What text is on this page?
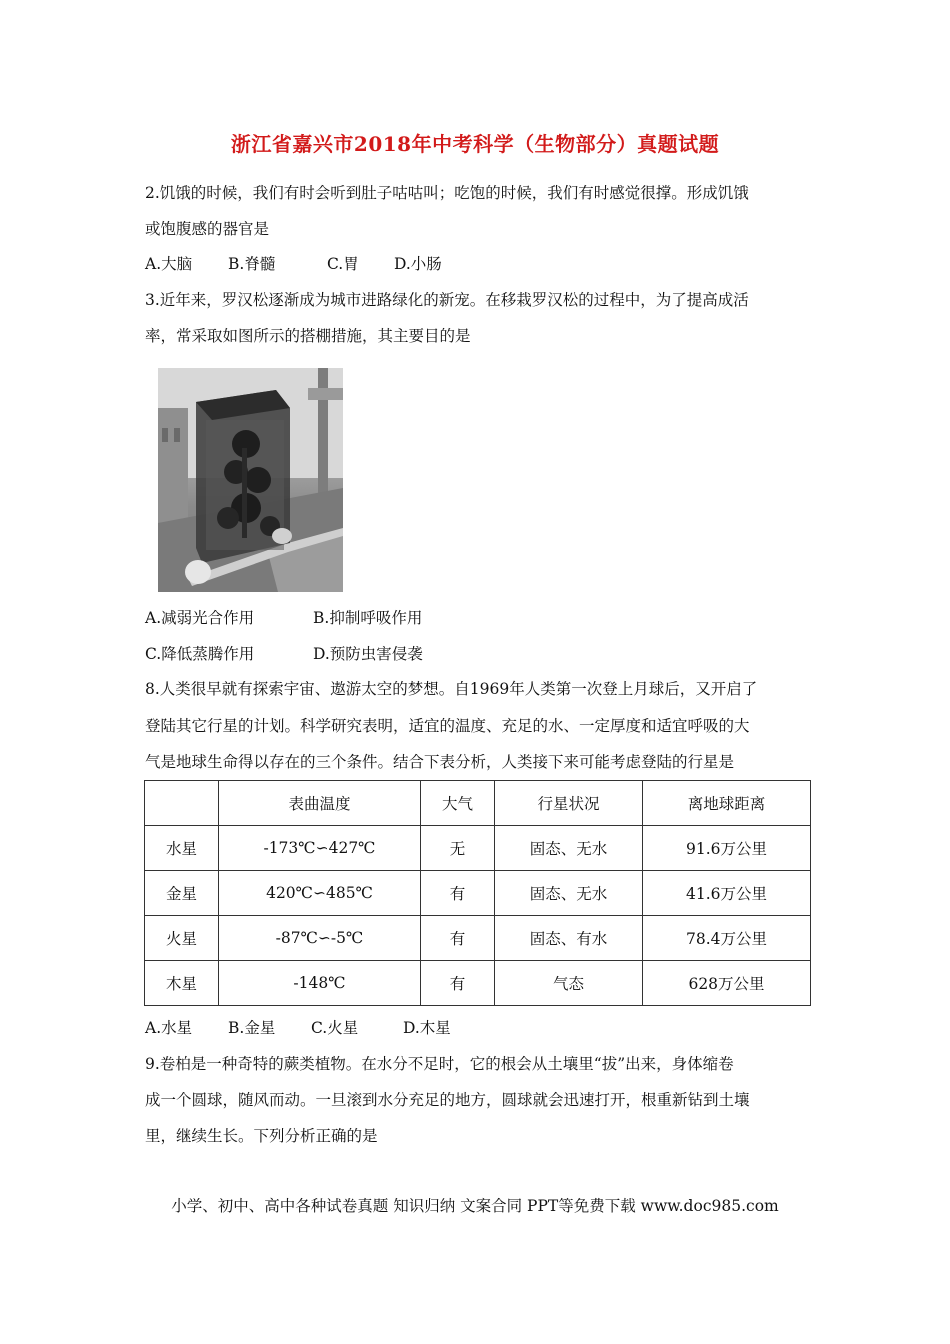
浙江省嘉兴市2018年中考科学（生物部分）真题试题
2.饥饿的时候，我们有时会听到肚子咕咕叫；吃饱的时候，我们有时感觉很撑。形成饥饿
或饱腹感的器官是
A.大脑 B.脊髓	C.胃 D.小肠
3.近年来，罗汉松逐渐成为城市进路绿化的新宠。在移栽罗汉松的过程中，为了提高成活
率，常采取如图所示的搭棚措施，其主要目的是
A.减弱光合作用	B.抑制呼吸作用
C.降低蒸腾作用	D.预防虫害侵袭
8.人类很早就有探索宇宙、遨游太空的梦想。自1969年人类第一次登上月球后，又开启了
登陆其它行星的计划。科学研究表明，适宜的温度、充足的水、一定厚度和适宜呼吸的大
气是地球生命得以存在的三个条件。结合下表分析，人类接下来可能考虑登陆的行星是
	表曲温度	大气	行星状况	离地球距离
水星	-173℃∽427℃	无	固态、无水	91.6万公里
金星	420℃∽485℃	有	固态、无水	41.6万公里
火星	-87℃∽-5℃	有	固态、有水	78.4万公里
木星	-148℃	有	气态	628万公里
A.水星 B.金星 C.火星	D.木星
9.卷柏是一种奇特的蕨类植物。在水分不足时，它的根会从土壤里“拔”出来，身体缩卷
成一个圆球，随风而动。一旦滚到水分充足的地方，圆球就会迅速打开，根重新钻到土壤
里，继续生长。下列分析正确的是
小学、初中、高中各种试卷真题 知识归纳 文案合同 PPT等免费下载 www.doc985.com
